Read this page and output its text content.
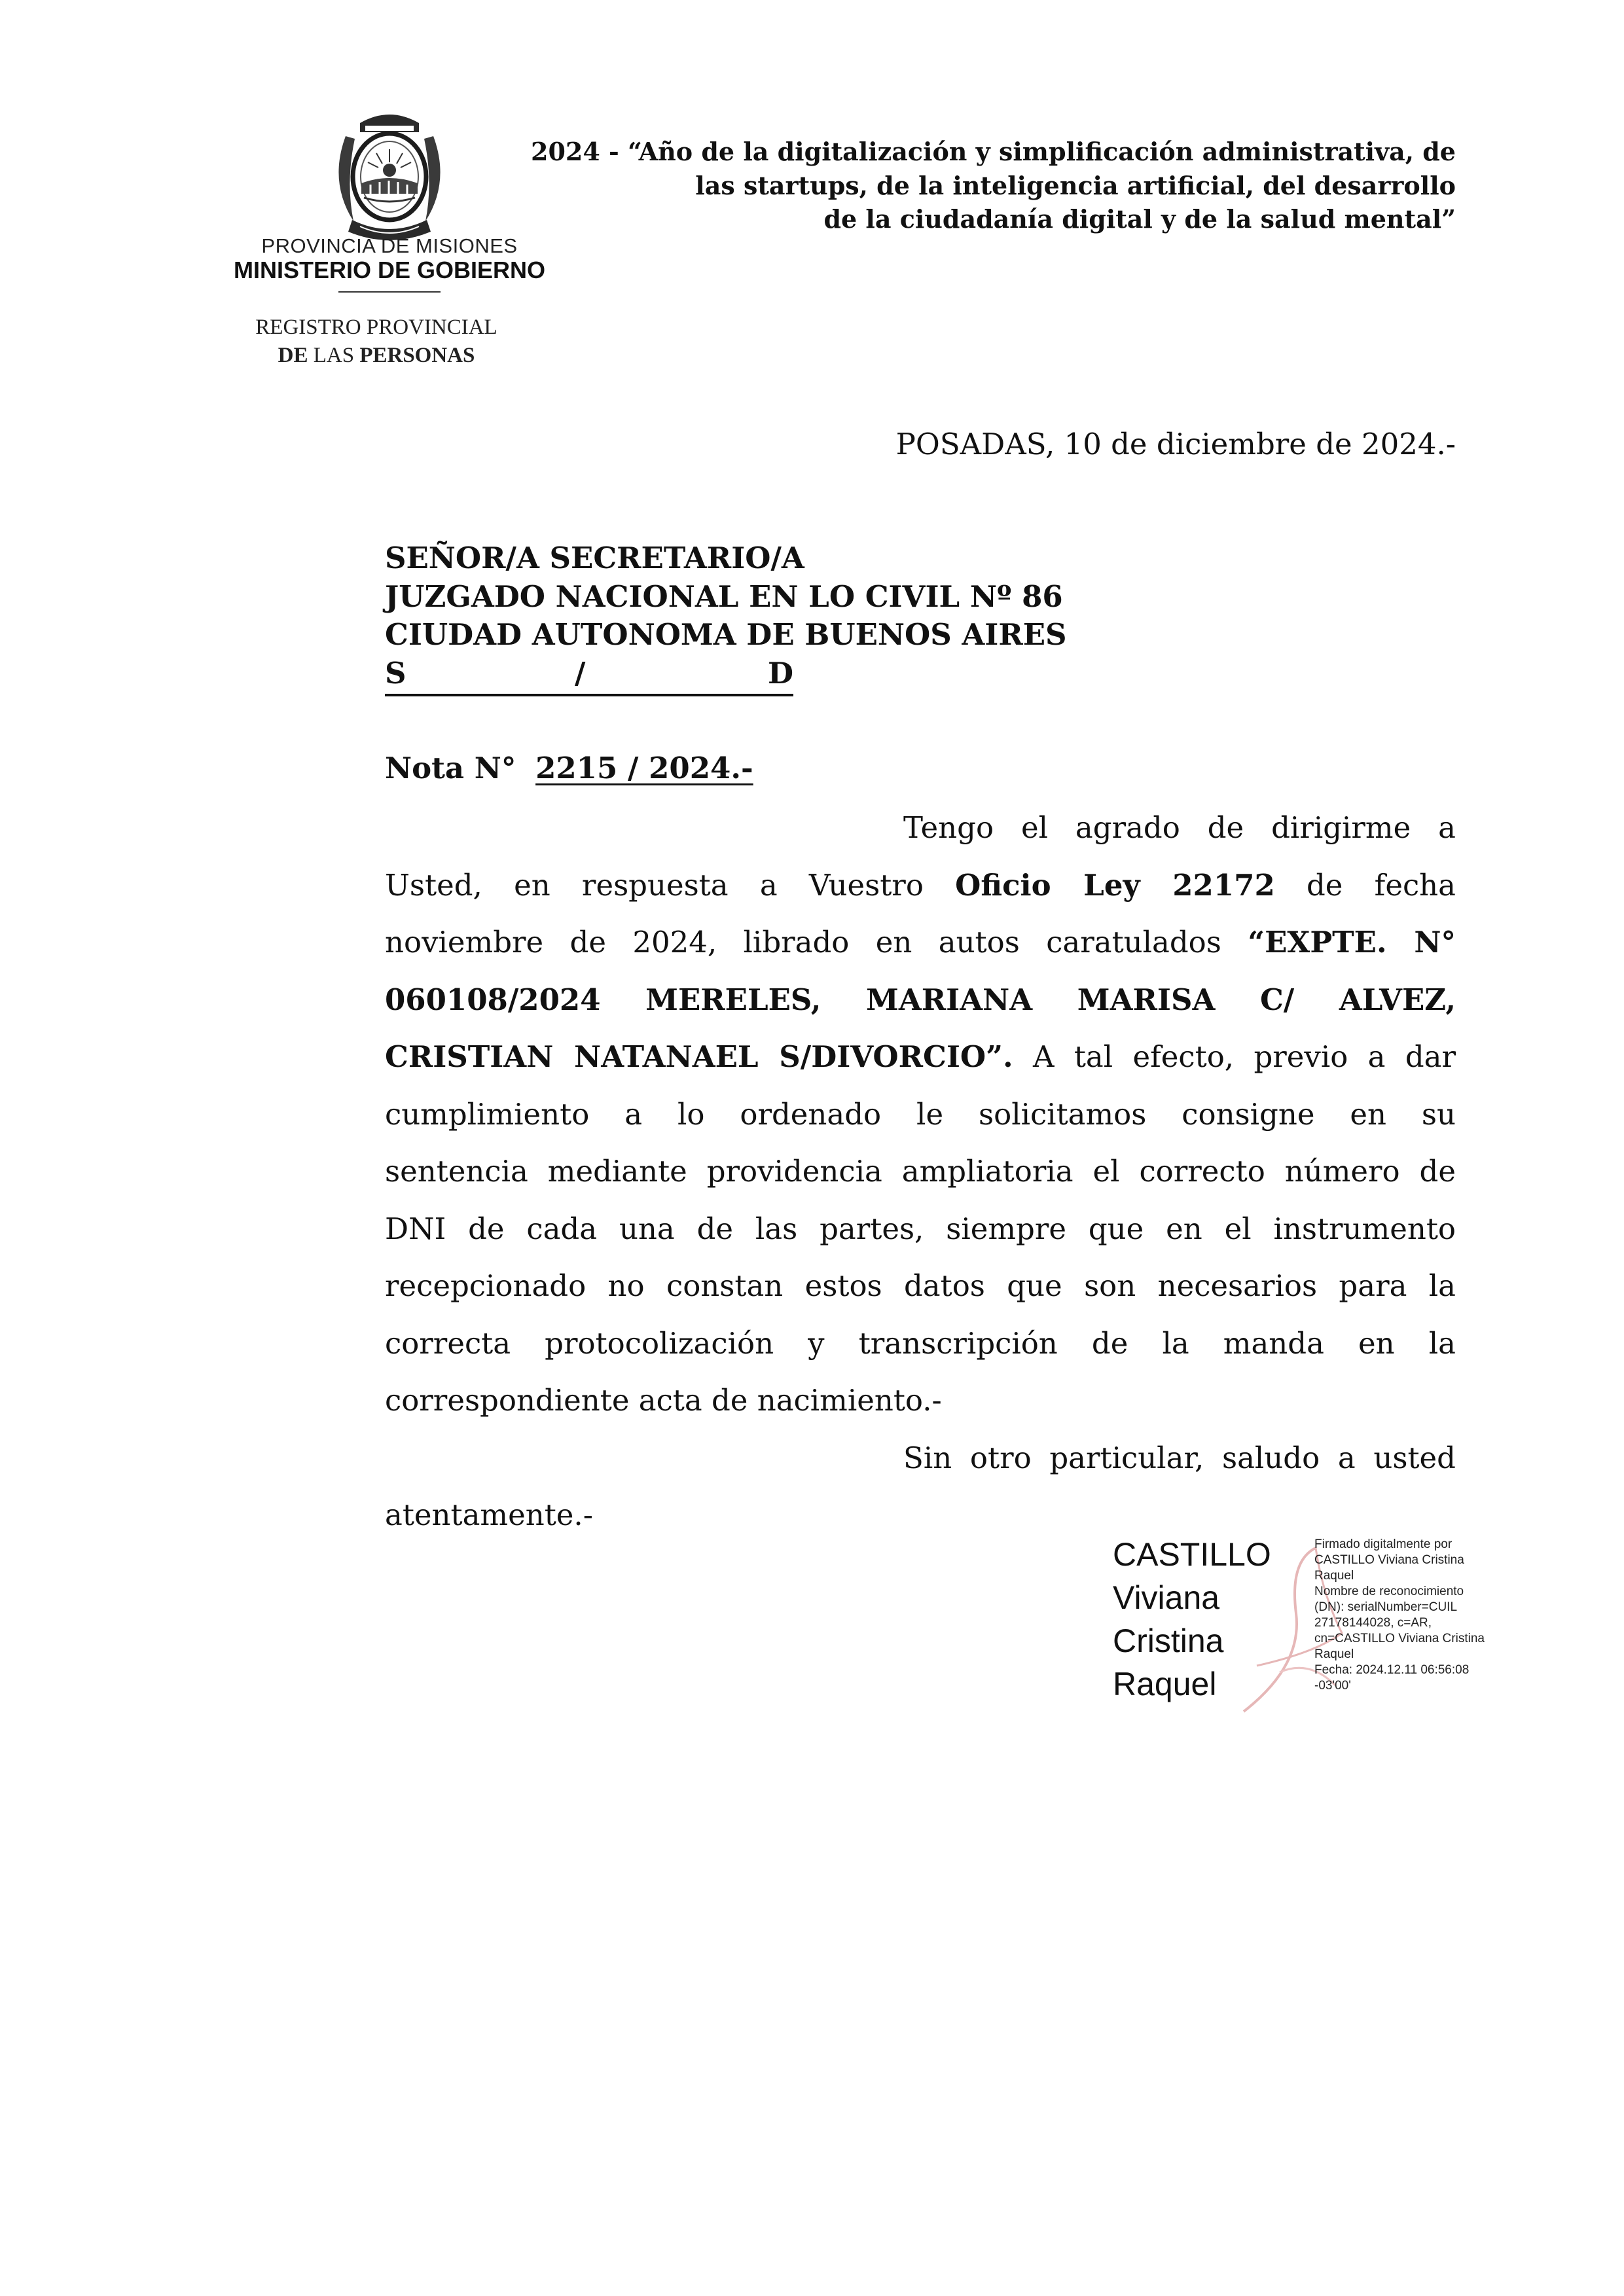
PROVINCIA DE MISIONES
MINISTERIO DE GOBIERNO
REGISTRO PROVINCIAL
DE LAS PERSONAS
2024 - “Año de la digitalización y simplificación administrativa, de
las startups, de la inteligencia artificial, del desarrollo
de la ciudadanía digital y de la salud mental”
POSADAS, 10 de diciembre de 2024.-
SEÑOR/A SECRETARIO/A
JUZGADO NACIONAL EN LO CIVIL Nº 86
CIUDAD AUTONOMA DE BUENOS AIRES
S	/	D
Nota N° 2215 / 2024.-
Tengo el agrado de dirigirme a
Usted, en respuesta a Vuestro Oficio Ley 22172 de fecha
noviembre de 2024, librado en autos caratulados “EXPTE. N°
060108/2024 MERELES, MARIANA MARISA C/ ALVEZ,
CRISTIAN NATANAEL S/DIVORCIO”. A tal efecto, previo a dar
cumplimiento a lo ordenado le solicitamos consigne en su
sentencia mediante providencia ampliatoria el correcto número de
DNI de cada una de las partes, siempre que en el instrumento
recepcionado no constan estos datos que son necesarios para la
correcta protocolización y transcripción de la manda en la
correspondiente acta de nacimiento.-
Sin otro particular, saludo a usted
atentamente.-
CASTILLO
Viviana
Cristina
Raquel
Firmado digitalmente por
CASTILLO Viviana Cristina
Raquel
Nombre de reconocimiento
(DN): serialNumber=CUIL
27178144028, c=AR,
cn=CASTILLO Viviana Cristina
Raquel
Fecha: 2024.12.11 06:56:08
-03'00'
